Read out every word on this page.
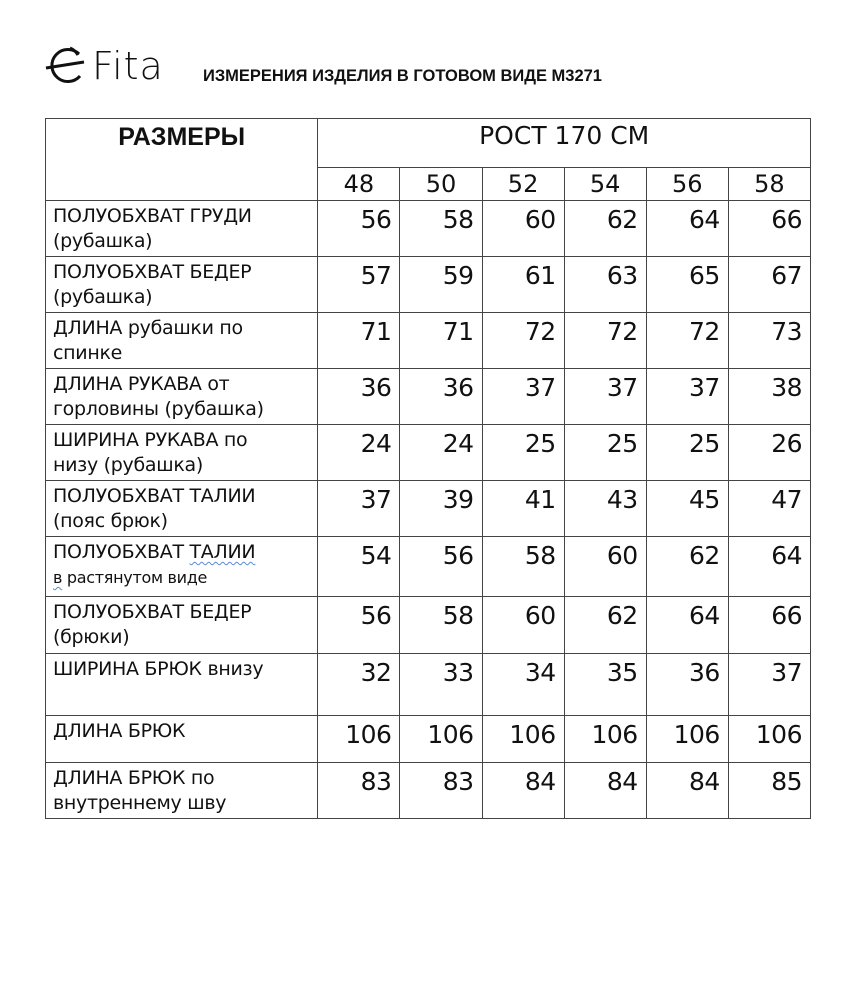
Fita ИЗМЕРЕНИЯ ИЗДЕЛИЯ В ГОТОВОМ ВИДЕ М3271
РАЗМЕРЫ	РОСТ 170 СМ					
	48	50	52	54	56	58

ПОЛУОБХВАТ ГРУДИ
(рубашка)	56	58	60	62	64	66

ПОЛУОБХВАТ БЕДЕР
(рубашка)	57	59	61	63	65	67

ДЛИНА рубашки по
спинке	71	71	72	72	72	73

ДЛИНА РУКАВА от
горловины (рубашка)	36	36	37	37	37	38

ШИРИНА РУКАВА по
низу (рубашка)	24	24	25	25	25	26

ПОЛУОБХВАТ ТАЛИИ
(пояс брюк)	37	39	41	43	45	47

ПОЛУОБХВАТ ТАЛИИ
в растянутом виде	54	56	58	60	62	64

ПОЛУОБХВАТ БЕДЕР
(брюки)	56	58	60	62	64	66

ШИРИНА БРЮК внизу	32	33	34	35	36	37

ДЛИНА БРЮК	106	106	106	106	106	106

ДЛИНА БРЮК по
внутреннему шву	83	83	84	84	84	85
